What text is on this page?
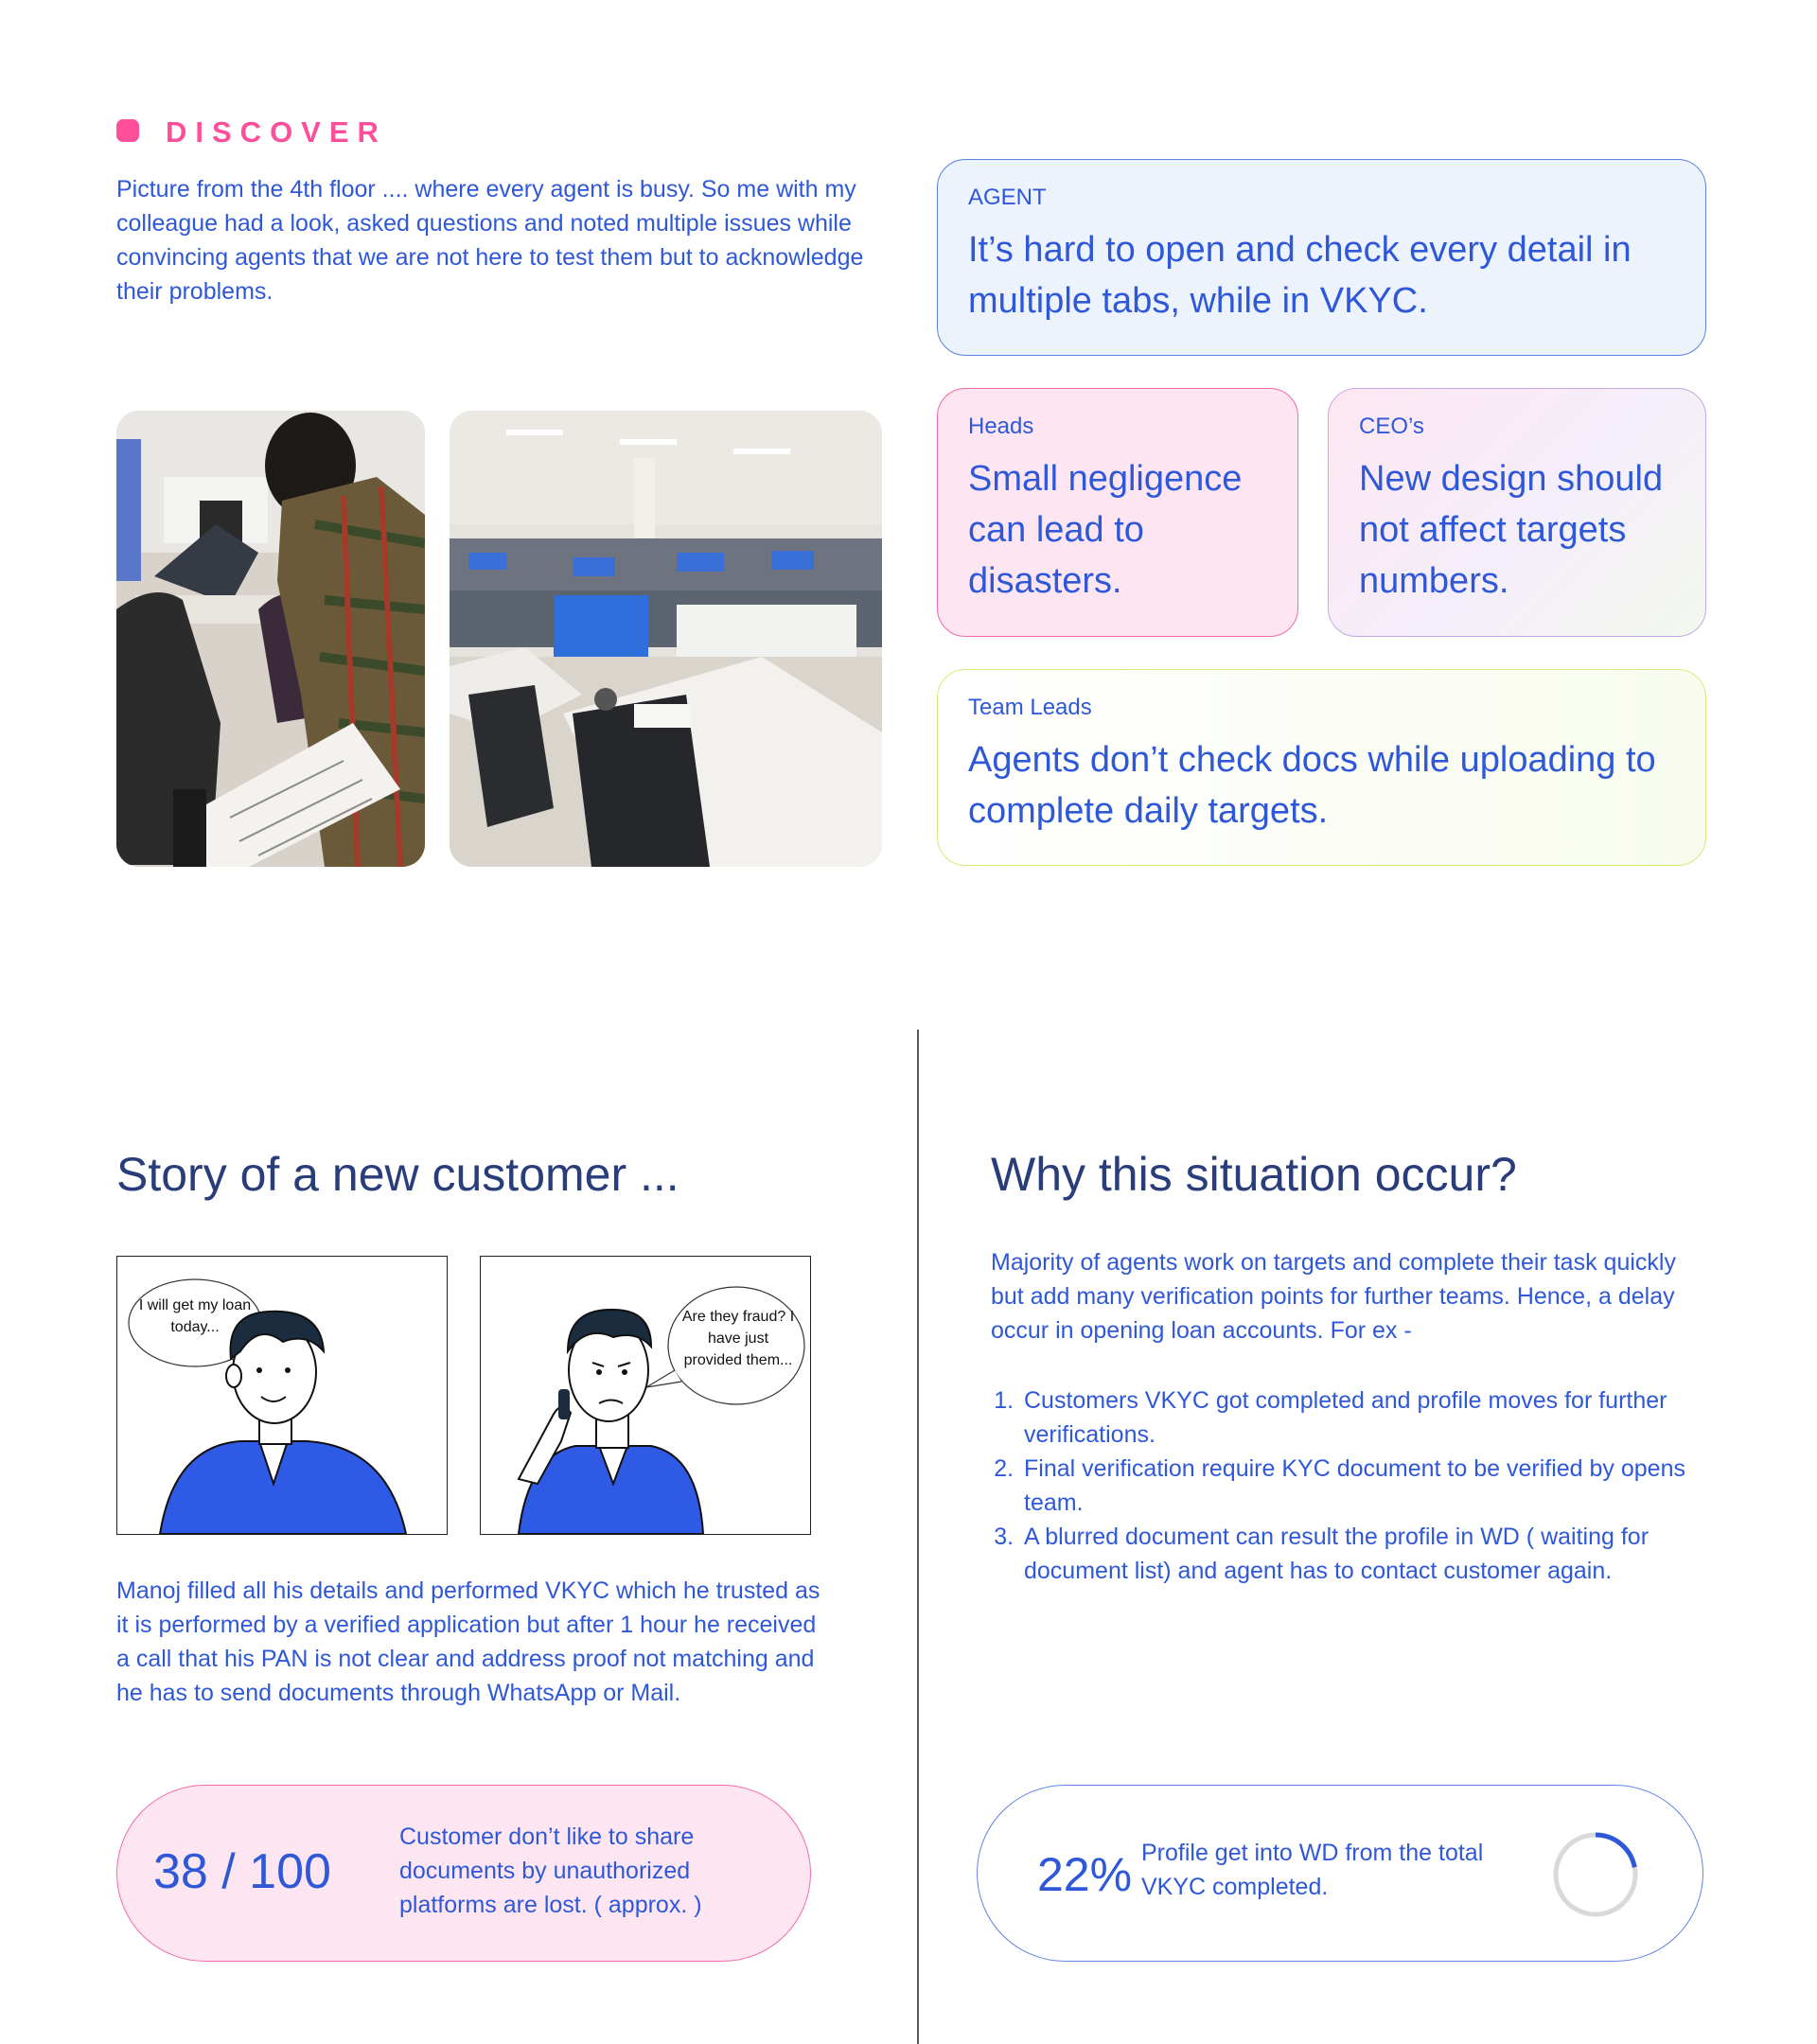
DISCOVER

Picture from the 4th floor .... where every agent is busy. So me with my colleague had a look, asked questions and noted multiple issues while convincing agents that we are not here to test them but to acknowledge their problems.

AGENT

It’s hard to open and check every detail in multiple tabs, while in VKYC.

Heads

Small negligence can lead to disasters.

CEO’s

New design should not affect targets numbers.

Team Leads

Agents don’t check docs while uploading to complete daily targets.

Story of a new customer ...
I will get my loan today...
Are they fraud? I have just provided them...

Manoj filled all his details and performed VKYC which he trusted as it is performed by a verified application but after 1 hour he received a call that his PAN is not clear and address proof not matching and he has to send documents through WhatsApp or Mail.

38 / 100
Customer don’t like to share documents by unauthorized platforms are lost. ( approx. )
Why this situation occur?

Majority of agents work on targets and complete their task quickly but add many verification points for further teams. Hence, a delay occur in opening loan accounts. For ex -

1. Customers VKYC got completed and profile moves for further verifications.
2. Final verification require KYC document to be verified by opens team.
3. A blurred document can result the profile in WD ( waiting for document list) and agent has to contact customer again.
22% Profile get into WD from the total VKYC completed.
